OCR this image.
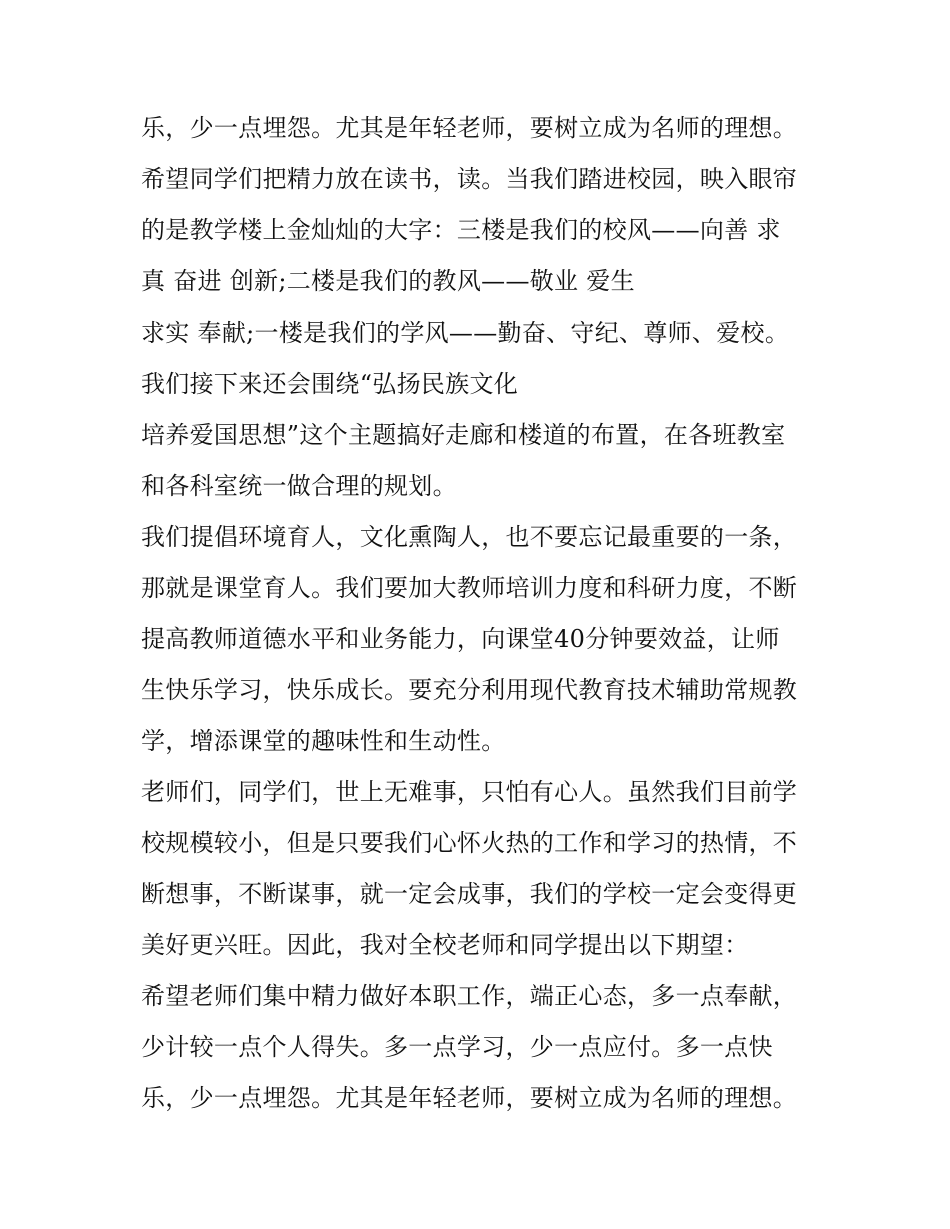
乐，少一点埋怨。尤其是年轻老师，要树立成为名师的理想。
希望同学们把精力放在读书，读。当我们踏进校园，映入眼帘
的是教学楼上金灿灿的大字：三楼是我们的校风——向善 求
真 奋进 创新;二楼是我们的教风——敬业 爱生
求实 奉献;一楼是我们的学风——勤奋、守纪、尊师、爱校。
我们接下来还会围绕“弘扬民族文化
培养爱国思想”这个主题搞好走廊和楼道的布置，在各班教室
和各科室统一做合理的规划。
我们提倡环境育人，文化熏陶人，也不要忘记最重要的一条，
那就是课堂育人。我们要加大教师培训力度和科研力度，不断
提高教师道德水平和业务能力，向课堂40分钟要效益，让师
生快乐学习，快乐成长。要充分利用现代教育技术辅助常规教
学，增添课堂的趣味性和生动性。
老师们，同学们，世上无难事，只怕有心人。虽然我们目前学
校规模较小，但是只要我们心怀火热的工作和学习的热情，不
断想事，不断谋事，就一定会成事，我们的学校一定会变得更
美好更兴旺。因此，我对全校老师和同学提出以下期望：
希望老师们集中精力做好本职工作，端正心态，多一点奉献，
少计较一点个人得失。多一点学习，少一点应付。多一点快
乐，少一点埋怨。尤其是年轻老师，要树立成为名师的理想。
